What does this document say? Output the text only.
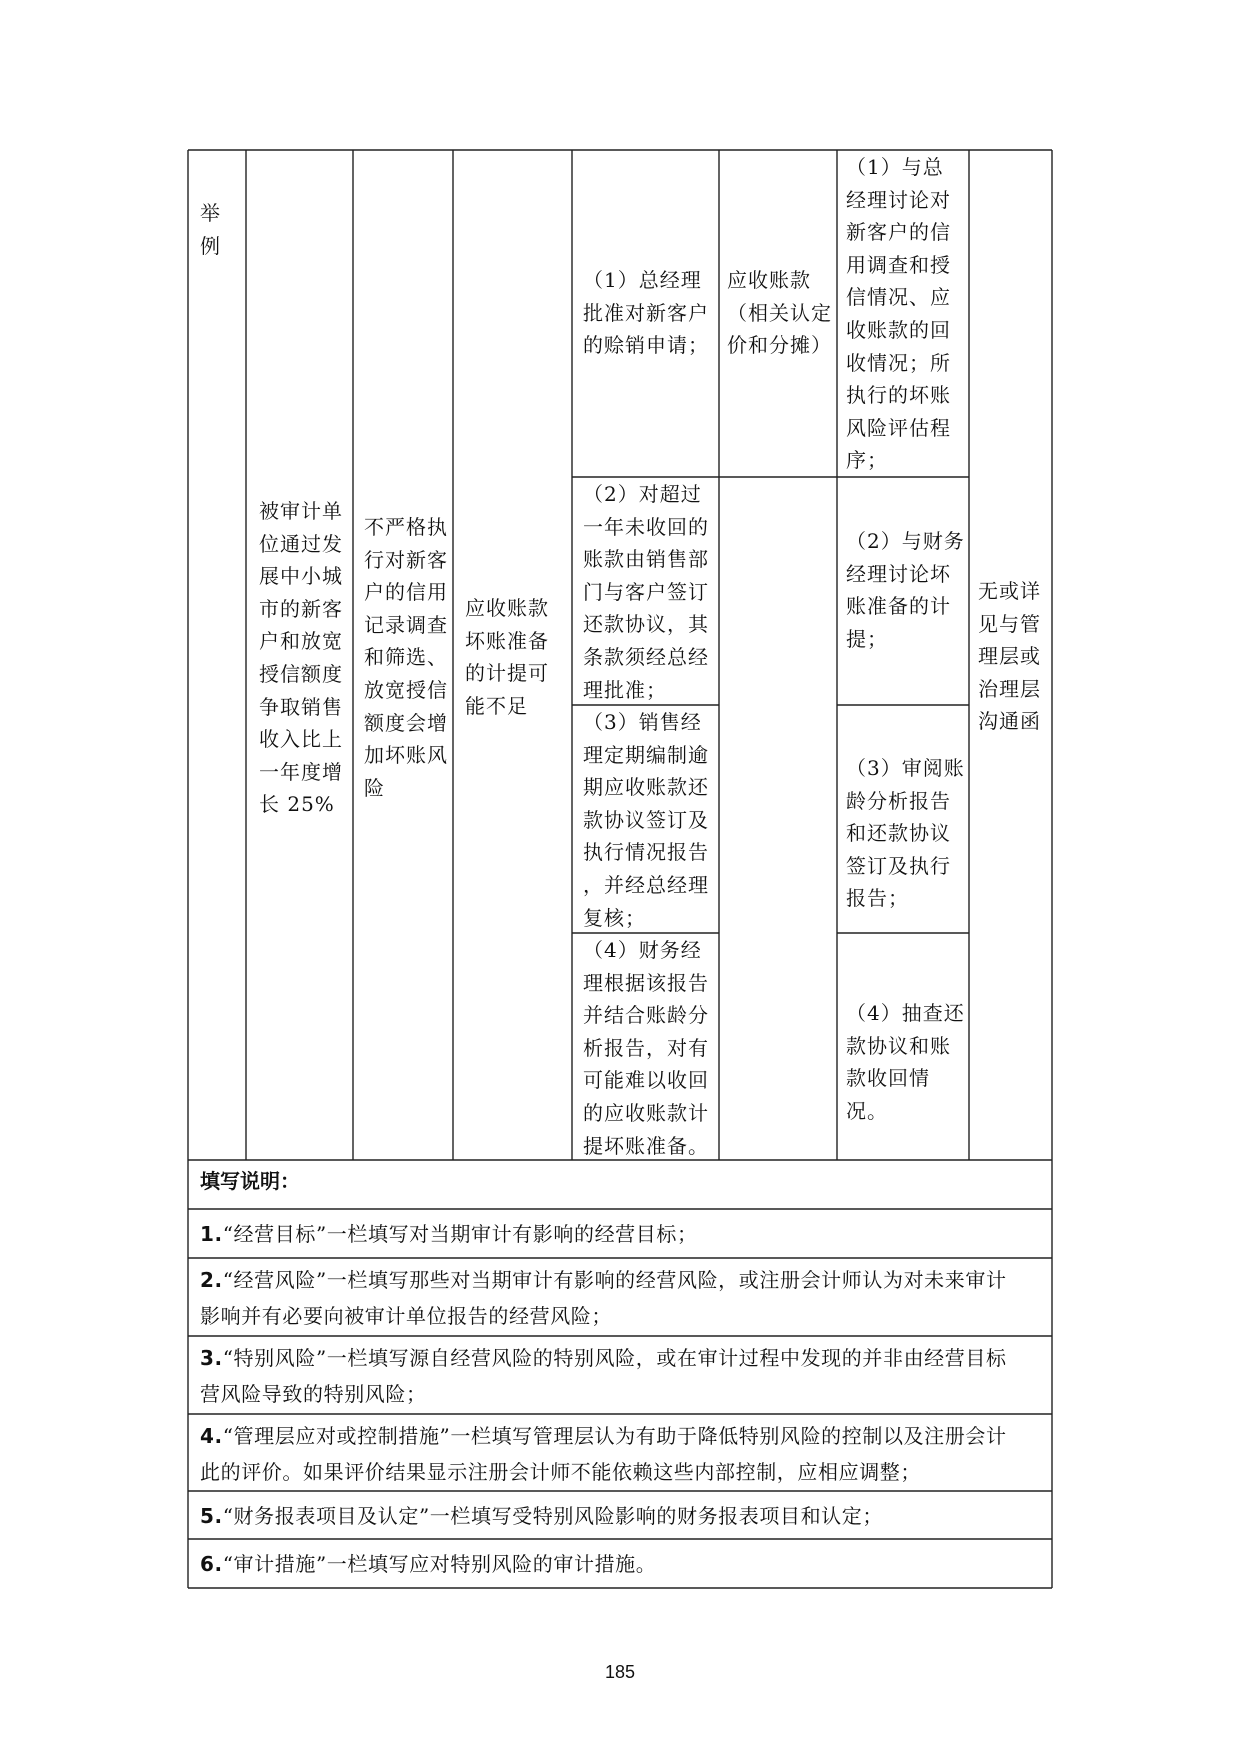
举
例
被审计单
位通过发
展中小城
市的新客
户和放宽
授信额度
争取销售
收入比上
一年度增
长 25%
不严格执
行对新客
户的信用
记录调查
和筛选、
放宽授信
额度会增
加坏账风
险
应收账款
坏账准备
的计提可
能不足
（1）总经理
批准对新客户
的赊销申请；
（2）对超过
一年未收回的
账款由销售部
门与客户签订
还款协议，其
条款须经总经
理批准；
（3）销售经
理定期编制逾
期应收账款还
款协议签订及
执行情况报告
，并经总经理
复核；
（4）财务经
理根据该报告
并结合账龄分
析报告，对有
可能难以收回
的应收账款计
提坏账准备。
应收账款
（相关认定
价和分摊）
（1）与总
经理讨论对
新客户的信
用调查和授
信情况、应
收账款的回
收情况；所
执行的坏账
风险评估程
序；
（2）与财务
经理讨论坏
账准备的计
提；
（3）审阅账
龄分析报告
和还款协议
签订及执行
报告；
（4）抽查还
款协议和账
款收回情况。
无或详
见与管
理层或
治理层
沟通函
填写说明：
1.“经营目标”一栏填写对当期审计有影响的经营目标；
2.“经营风险”一栏填写那些对当期审计有影响的经营风险，或注册会计师认为对未来审计
影响并有必要向被审计单位报告的经营风险；
3.“特别风险”一栏填写源自经营风险的特别风险，或在审计过程中发现的并非由经营目标
营风险导致的特别风险；
4.“管理层应对或控制措施”一栏填写管理层认为有助于降低特别风险的控制以及注册会计
此的评价。如果评价结果显示注册会计师不能依赖这些内部控制，应相应调整；
5.“财务报表项目及认定”一栏填写受特别风险影响的财务报表项目和认定；
6.“审计措施”一栏填写应对特别风险的审计措施。
185
